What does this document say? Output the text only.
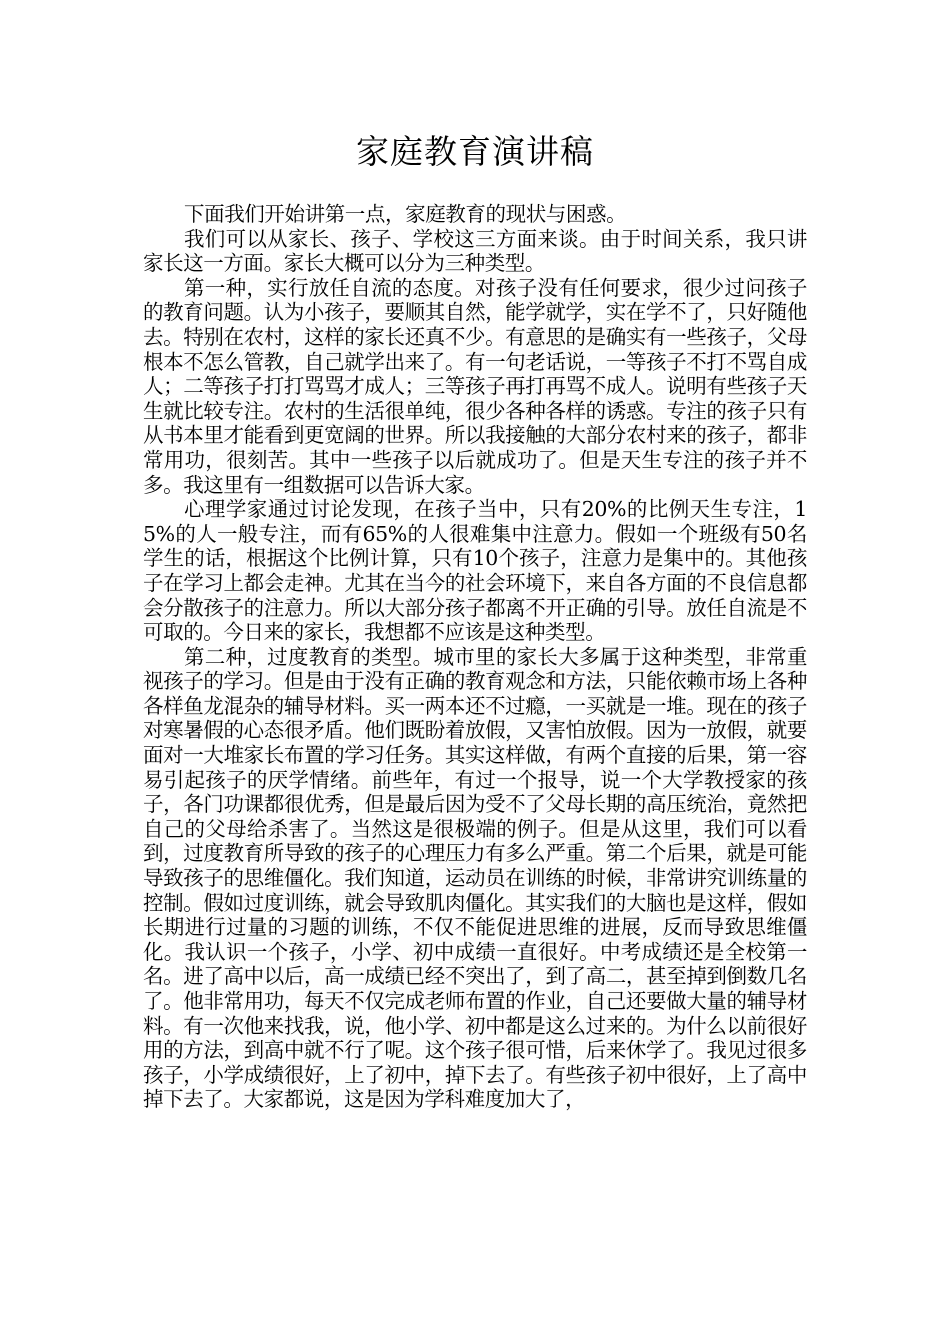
家庭教育演讲稿

下面我们开始讲第一点，家庭教育的现状与困惑。

我们可以从家长、孩子、学校这三方面来谈。由于时间关系，我只讲家长这一方面。家长大概可以分为三种类型。

第一种，实行放任自流的态度。对孩子没有任何要求，很少过问孩子的教育问题。认为小孩子，要顺其自然，能学就学，实在学不了，只好随他去。特别在农村，这样的家长还真不少。有意思的是确实有一些孩子，父母根本不怎么管教，自己就学出来了。有一句老话说，一等孩子不打不骂自成人；二等孩子打打骂骂才成人；三等孩子再打再骂不成人。说明有些孩子天生就比较专注。农村的生活很单纯，很少各种各样的诱惑。专注的孩子只有从书本里才能看到更宽阔的世界。所以我接触的大部分农村来的孩子，都非常用功，很刻苦。其中一些孩子以后就成功了。但是天生专注的孩子并不多。我这里有一组数据可以告诉大家。

心理学家通过讨论发现，在孩子当中，只有20%的比例天生专注，15%的人一般专注，而有65%的人很难集中注意力。假如一个班级有50名学生的话，根据这个比例计算，只有10个孩子，注意力是集中的。其他孩子在学习上都会走神。尤其在当今的社会环境下，来自各方面的不良信息都会分散孩子的注意力。所以大部分孩子都离不开正确的引导。放任自流是不可取的。今日来的家长，我想都不应该是这种类型。

第二种，过度教育的类型。城市里的家长大多属于这种类型，非常重视孩子的学习。但是由于没有正确的教育观念和方法，只能依赖市场上各种各样鱼龙混杂的辅导材料。买一两本还不过瘾，一买就是一堆。现在的孩子对寒暑假的心态很矛盾。他们既盼着放假，又害怕放假。因为一放假，就要面对一大堆家长布置的学习任务。其实这样做，有两个直接的后果，第一容易引起孩子的厌学情绪。前些年，有过一个报导，说一个大学教授家的孩子，各门功课都很优秀，但是最后因为受不了父母长期的高压统治，竟然把自己的父母给杀害了。当然这是很极端的例子。但是从这里，我们可以看到，过度教育所导致的孩子的心理压力有多么严重。第二个后果，就是可能导致孩子的思维僵化。我们知道，运动员在训练的时候，非常讲究训练量的控制。假如过度训练，就会导致肌肉僵化。其实我们的大脑也是这样，假如长期进行过量的习题的训练，不仅不能促进思维的进展，反而导致思维僵化。我认识一个孩子，小学、初中成绩一直很好。中考成绩还是全校第一名。进了高中以后，高一成绩已经不突出了，到了高二，甚至掉到倒数几名了。他非常用功，每天不仅完成老师布置的作业，自己还要做大量的辅导材料。有一次他来找我，说，他小学、初中都是这么过来的。为什么以前很好用的方法，到高中就不行了呢。这个孩子很可惜，后来休学了。我见过很多孩子，小学成绩很好，上了初中，掉下去了。有些孩子初中很好，上了高中掉下去了。大家都说，这是因为学科难度加大了，
